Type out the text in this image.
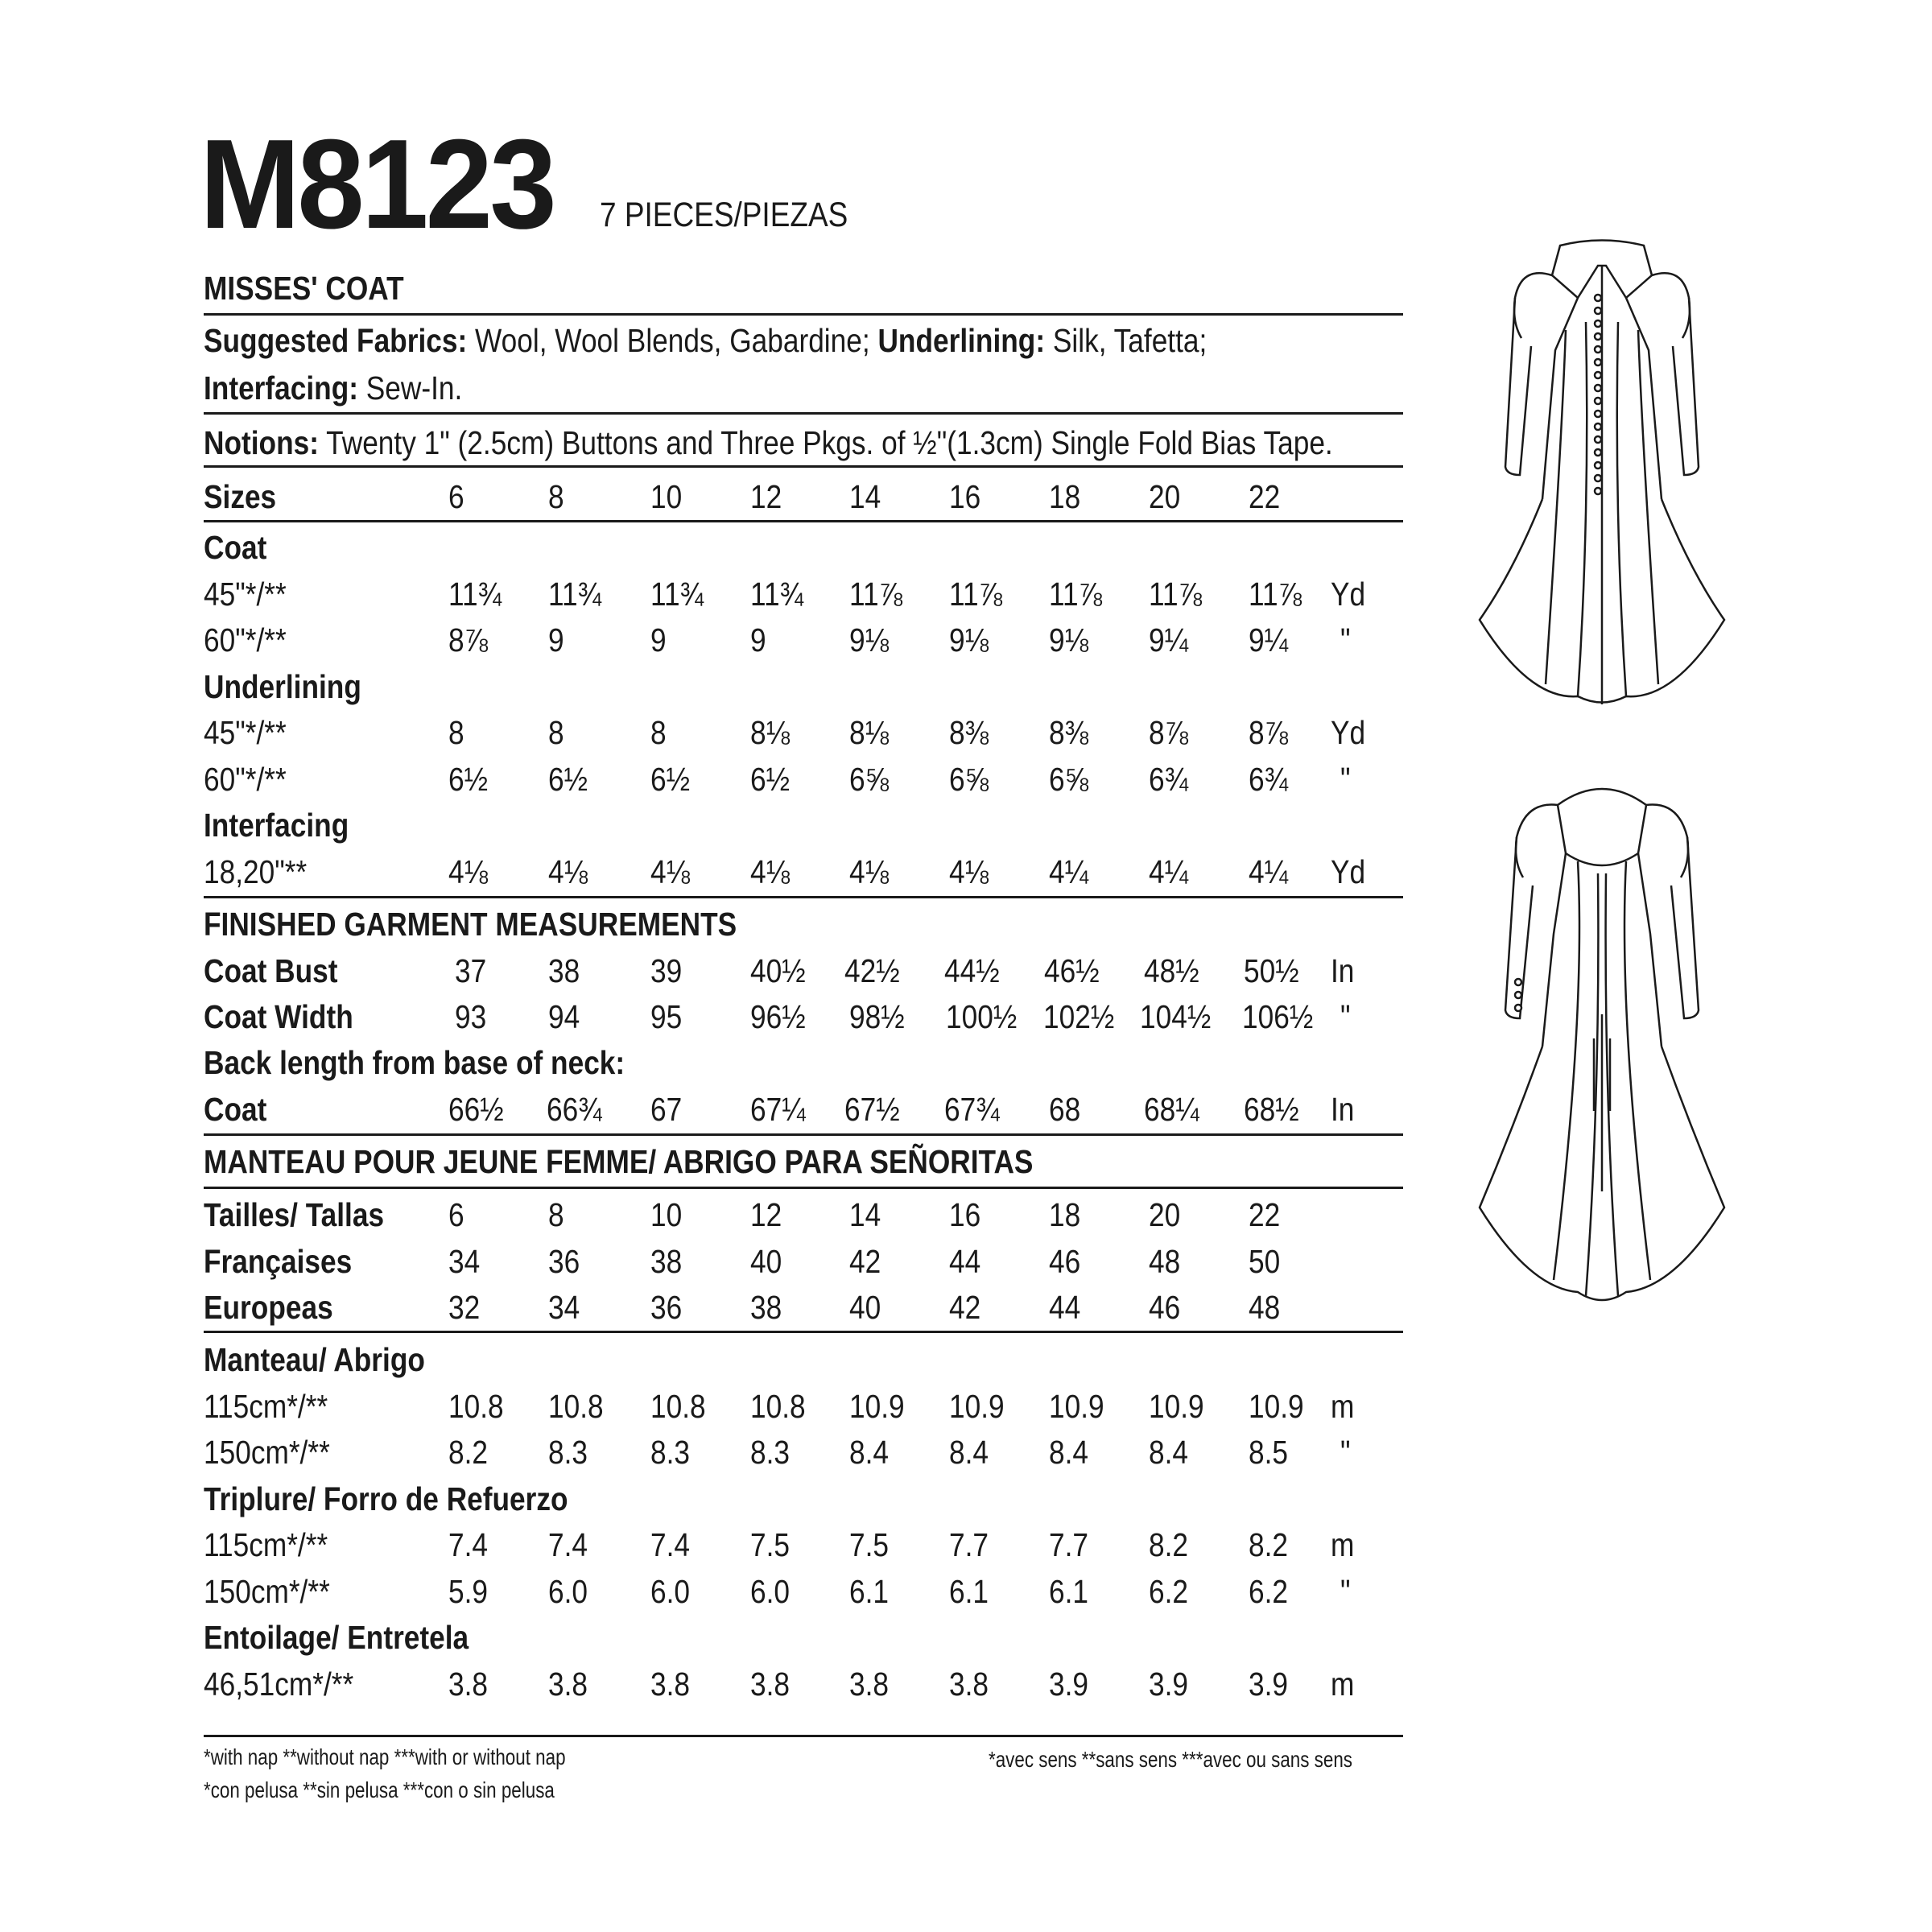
M8123 7 PIECES/PIEZAS
MISSES' COAT
Suggested Fabrics: Wool, Wool Blends, Gabardine; Underlining: Silk, Tafetta;
Interfacing: Sew-In.
Notions: Twenty 1" (2.5cm) Buttons and Three Pkgs. of ½"(1.3cm) Single Fold Bias Tape.
Sizes	6	8	10 12 14 16 18 20 22
Coat
45"*/**	11¾ 11¾ 11¾ 11¾ 11⅞ 11⅞ 11⅞ 11⅞ 11⅞ Yd
60"*/**	8⅞ 9	9	9	9⅛ 9⅛ 9⅛ 9¼ 9¼ "
Underlining
45"*/**	8	8	8	8⅛ 8⅛ 8⅜ 8⅜ 8⅞ 8⅞ Yd
60"*/**	6½ 6½ 6½ 6½ 6⅝ 6⅝ 6⅝ 6¾ 6¾ "
Interfacing
18,20"**	4⅛ 4⅛ 4⅛ 4⅛ 4⅛ 4⅛ 4¼ 4¼ 4¼ Yd
FINISHED GARMENT MEASUREMENTS
Coat Bust	37 38 39 40½ 42½ 44½ 46½ 48½ 50½ In
Coat Width	93 94 95 96½ 98½ 100½ 102½ 104½ 106½ "
Back length from base of neck:
Coat	66½ 66¾ 67 67¼ 67½ 67¾ 68 68¼ 68½ In
MANTEAU POUR JEUNE FEMME/ ABRIGO PARA SEÑORITAS
Tailles/ Tallas 6	8	10 12 14 16 18 20 22
Françaises	34 36 38 40 42 44 46 48 50
Europeas	32 34 36 38 40 42 44 46 48
Manteau/ Abrigo
115cm*/**	10.8 10.8 10.8 10.8 10.9 10.9 10.9 10.9 10.9 m
150cm*/**	8.2 8.3 8.3 8.3 8.4 8.4 8.4 8.4 8.5 "
Triplure/ Forro de Refuerzo
115cm*/**	7.4 7.4 7.4 7.5 7.5 7.7 7.7 8.2 8.2 m
150cm*/**	5.9 6.0 6.0 6.0 6.1 6.1 6.1 6.2 6.2 "
Entoilage/ Entretela
46,51cm*/**	3.8 3.8 3.8 3.8 3.8 3.8 3.9 3.9 3.9 m
*with nap **without nap ***with or without nap
*con pelusa **sin pelusa ***con o sin pelusa
*avec sens **sans sens ***avec ou sans sens
